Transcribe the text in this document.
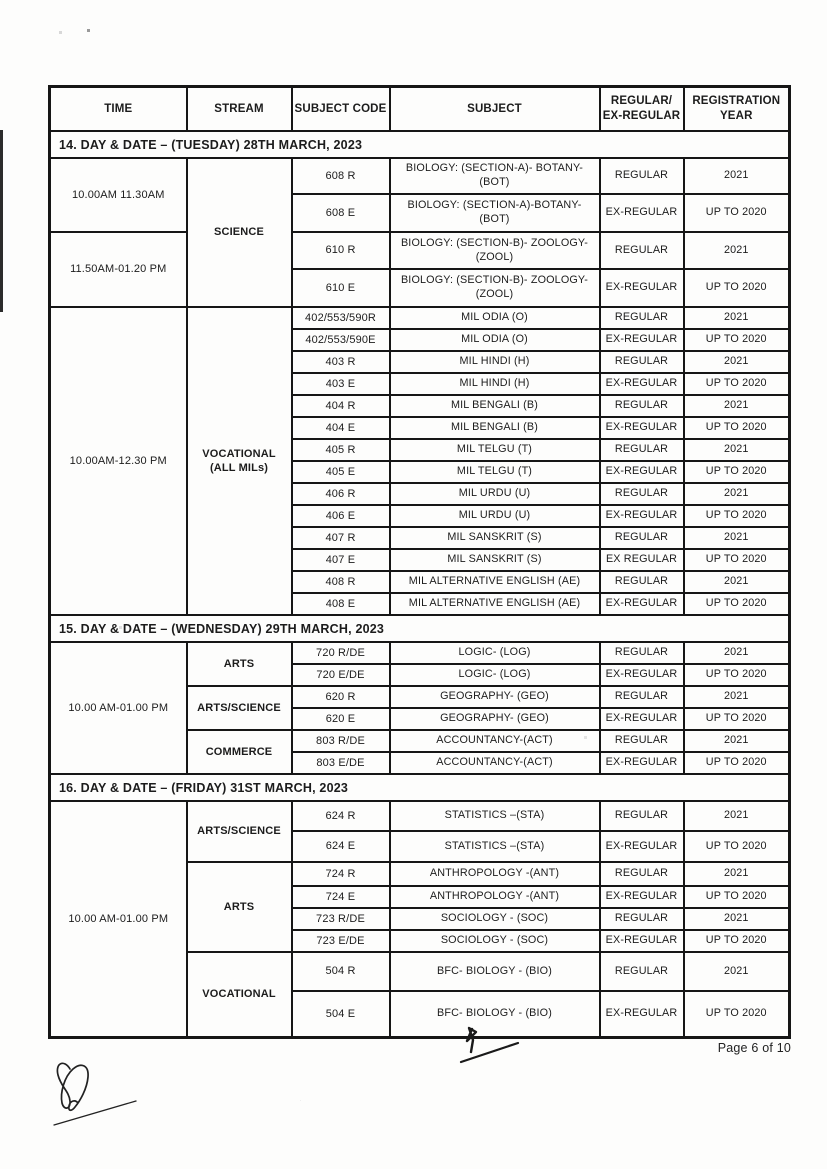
TIME	STREAM	SUBJECT CODE	SUBJECT	REGULAR/ EX-REGULAR	REGISTRATION YEAR
14. DAY & DATE – (TUESDAY) 28TH MARCH, 2023					
10.00AM 11.30AM	SCIENCE	608 R	BIOLOGY: (SECTION-A)- BOTANY-(BOT)	REGULAR	2021
		608 E	BIOLOGY: (SECTION-A)-BOTANY-(BOT)	EX-REGULAR	UP TO 2020
11.50AM-01.20 PM		610 R	BIOLOGY: (SECTION-B)- ZOOLOGY-(ZOOL)	REGULAR	2021
		610 E	BIOLOGY: (SECTION-B)- ZOOLOGY-(ZOOL)	EX-REGULAR	UP TO 2020
10.00AM-12.30 PM	VOCATIONAL (ALL MILs)	402/553/590R	MIL ODIA (O)	REGULAR	2021
		402/553/590E	MIL ODIA (O)	EX-REGULAR	UP TO 2020
		403 R	MIL HINDI (H)	REGULAR	2021
		403 E	MIL HINDI (H)	EX-REGULAR	UP TO 2020
		404 R	MIL BENGALI (B)	REGULAR	2021
		404 E	MIL BENGALI (B)	EX-REGULAR	UP TO 2020
		405 R	MIL TELGU (T)	REGULAR	2021
		405 E	MIL TELGU (T)	EX-REGULAR	UP TO 2020
		406 R	MIL URDU (U)	REGULAR	2021
		406 E	MIL URDU (U)	EX-REGULAR	UP TO 2020
		407 R	MIL SANSKRIT (S)	REGULAR	2021
		407 E	MIL SANSKRIT (S)	EX REGULAR	UP TO 2020
		408 R	MIL ALTERNATIVE ENGLISH (AE)	REGULAR	2021
		408 E	MIL ALTERNATIVE ENGLISH (AE)	EX-REGULAR	UP TO 2020
15. DAY & DATE – (WEDNESDAY) 29TH MARCH, 2023					
10.00 AM-01.00 PM	ARTS	720 R/DE	LOGIC- (LOG)	REGULAR	2021
		720 E/DE	LOGIC- (LOG)	EX-REGULAR	UP TO 2020
	ARTS/SCIENCE	620 R	GEOGRAPHY- (GEO)	REGULAR	2021
		620 E	GEOGRAPHY- (GEO)	EX-REGULAR	UP TO 2020
	COMMERCE	803 R/DE	ACCOUNTANCY-(ACT)	REGULAR	2021
		803 E/DE	ACCOUNTANCY-(ACT)	EX-REGULAR	UP TO 2020
16. DAY & DATE – (FRIDAY) 31ST MARCH, 2023					
10.00 AM-01.00 PM	ARTS/SCIENCE	624 R	STATISTICS –(STA)	REGULAR	2021
		624 E	STATISTICS –(STA)	EX-REGULAR	UP TO 2020
	ARTS	724 R	ANTHROPOLOGY -(ANT)	REGULAR	2021
		724 E	ANTHROPOLOGY -(ANT)	EX-REGULAR	UP TO 2020
		723 R/DE	SOCIOLOGY - (SOC)	REGULAR	2021
		723 E/DE	SOCIOLOGY - (SOC)	EX-REGULAR	UP TO 2020
	VOCATIONAL	504 R	BFC- BIOLOGY - (BIO)	REGULAR	2021
		504 E	BFC- BIOLOGY - (BIO)	EX-REGULAR	UP TO 2020
Page 6 of 10
